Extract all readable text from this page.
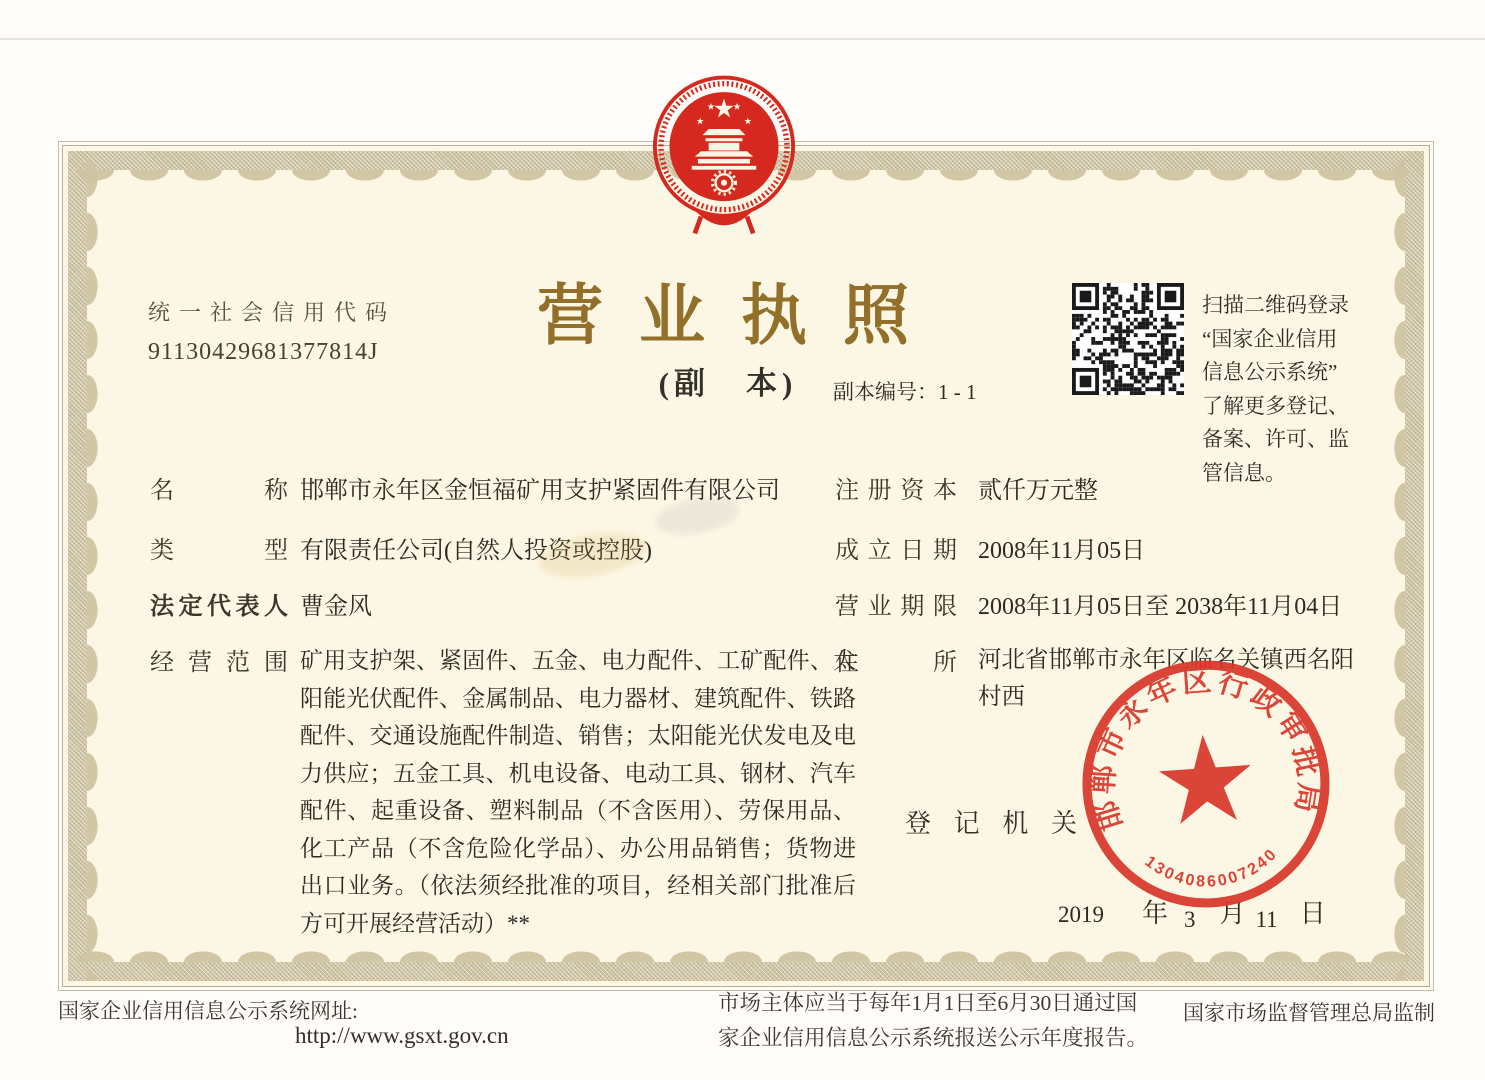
统一社会信用代码
91130429681377814J	营业执照
(副　本)	副本编号：1 - 1
扫描二维码登录
“国家企业信用
信息公示系统”
了解更多登记、
备案、许可、监
管信息。
名称 邯郸市永年区金恒福矿用支护紧固件有限公司
类型 有限责任公司(自然人投资或控股)
法定代表人 曹金风
经营范围 矿用支护架、紧固件、五金、电力配件、工矿配件、太阳能光伏配件、金属制品、电力器材、建筑配件、铁路配件、交通设施配件制造、销售；太阳能光伏发电及电力供应；五金工具、机电设备、电动工具、钢材、汽车配件、起重设备、塑料制品（不含医用）、劳保用品、化工产品（不含危险化学品）、办公用品销售；货物进出口业务。（依法须经批准的项目，经相关部门批准后方可开展经营活动）**
注册资本 贰仟万元整
成立日期 2008年11月05日
营业期限 2008年11月05日至 2038年11月04日
住所 河北省邯郸市永年区临名关镇西名阳村西
登记机关
2019 年 3 月 11 日
邯郸市永年区行政审批局
1304086007240
国家企业信用信息公示系统网址:
http://www.gsxt.gov.cn
市场主体应当于每年1月1日至6月30日通过国
家企业信用信息公示系统报送公示年度报告。
国家市场监督管理总局监制
